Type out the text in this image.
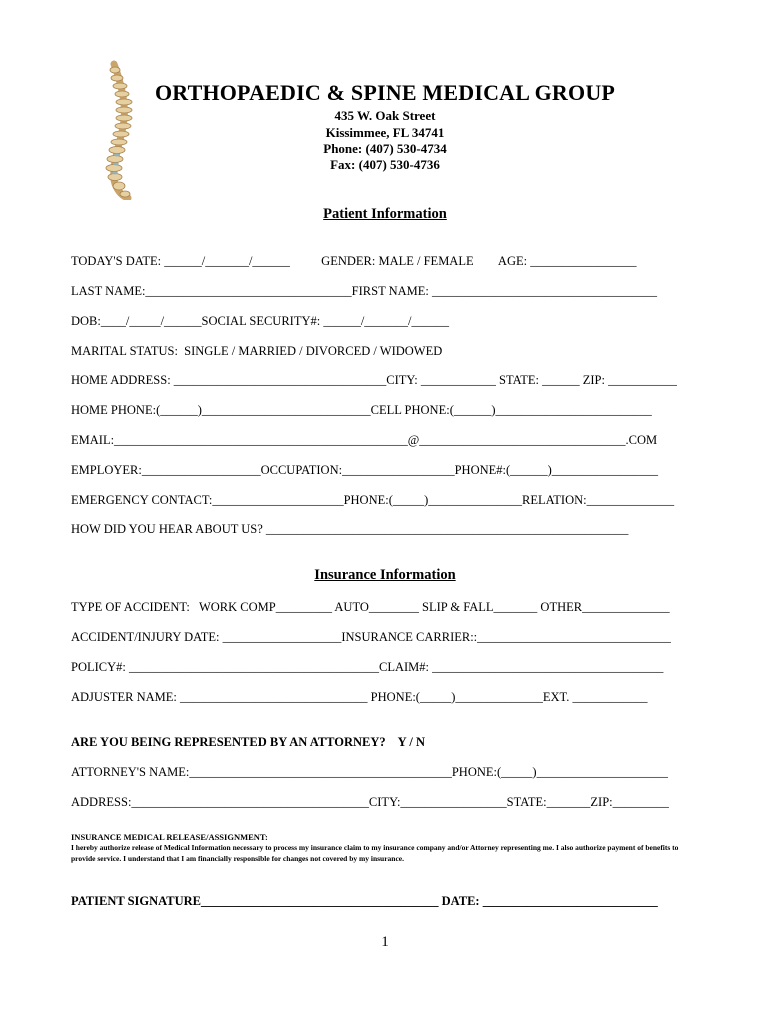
ORTHOPAEDIC & SPINE MEDICAL GROUP
435 W. Oak Street
Kissimmee, FL 34741
Phone: (407) 530-4734
Fax: (407) 530-4736
Patient Information
TODAY'S DATE: ______/_______/______          GENDER: MALE / FEMALE        AGE: _________________
LAST NAME:_________________________________FIRST NAME: ____________________________________
DOB:____/_____/______SOCIAL SECURITY#: ______/_______/______
MARITAL STATUS:  SINGLE / MARRIED / DIVORCED / WIDOWED
HOME ADDRESS: __________________________________CITY: ____________ STATE: ______ ZIP: ___________
HOME PHONE:(______)___________________________CELL PHONE:(______)_________________________
EMAIL:_______________________________________________@_________________________________.COM
EMPLOYER:___________________OCCUPATION:__________________PHONE#:(______)_________________
EMERGENCY CONTACT:_____________________PHONE:(_____)_______________RELATION:______________
HOW DID YOU HEAR ABOUT US? __________________________________________________________
Insurance Information
TYPE OF ACCIDENT:   WORK COMP_________ AUTO________ SLIP & FALL_______ OTHER______________
ACCIDENT/INJURY DATE: ___________________INSURANCE CARRIER::_______________________________
POLICY#: ________________________________________CLAIM#: _____________________________________
ADJUSTER NAME: ______________________________ PHONE:(_____)______________EXT. ____________
ARE YOU BEING REPRESENTED BY AN ATTORNEY?    Y / N
ATTORNEY'S NAME:__________________________________________PHONE:(_____)_____________________
ADDRESS:______________________________________CITY:_________________STATE:_______ZIP:_________
INSURANCE MEDICAL RELEASE/ASSIGNMENT:
I hereby authorize release of Medical Information necessary to process my insurance claim to my insurance company and/or Attorney representing me. I also authorize payment of benefits to provide service. I understand that I am financially responsible for changes not covered by my insurance.
PATIENT SIGNATURE______________________________________ DATE: ____________________________
1
